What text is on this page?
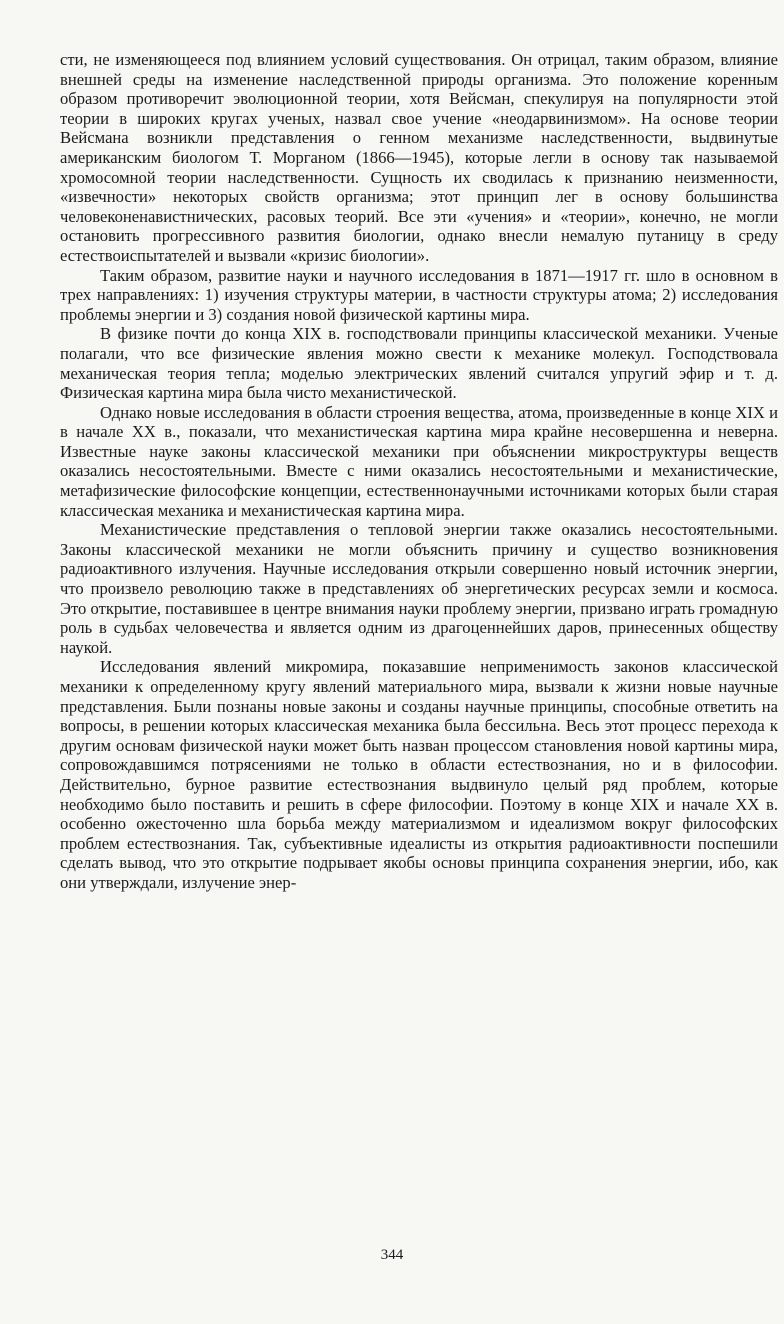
сти, не изменяющееся под влиянием условий существования. Он отрицал, таким образом, влияние внешней среды на изменение наследственной природы организма. Это положение коренным образом противоречит эволюционной теории, хотя Вейсман, спекулируя на популярности этой теории в широких кругах ученых, назвал свое учение «неодарвинизмом». На основе теории Вейсмана возникли представления о генном механизме наследственности, выдвинутые американским биологом Т. Морганом (1866—1945), которые легли в основу так называемой хромосомной теории наследственности. Сущность их сводилась к признанию неизменности, «извечности» некоторых свойств организма; этот принцип лег в основу большинства человеконенавистнических, расовых теорий. Все эти «учения» и «теории», конечно, не могли остановить прогрессивного развития биологии, однако внесли немалую путаницу в среду естествоиспытателей и вызвали «кризис биологии».

Таким образом, развитие науки и научного исследования в 1871—1917 гг. шло в основном в трех направлениях: 1) изучения структуры материи, в частности структуры атома; 2) исследования проблемы энергии и 3) создания новой физической картины мира.

В физике почти до конца XIX в. господствовали принципы классической механики. Ученые полагали, что все физические явления можно свести к механике молекул. Господствовала механическая теория тепла; моделью электрических явлений считался упругий эфир и т. д. Физическая картина мира была чисто механистической.

Однако новые исследования в области строения вещества, атома, произведенные в конце XIX и в начале XX в., показали, что механистическая картина мира крайне несовершенна и неверна. Известные науке законы классической механики при объяснении микроструктуры веществ оказались несостоятельными. Вместе с ними оказались несостоятельными и механистические, метафизические философские концепции, естественнонаучными источниками которых были старая классическая механика и механистическая картина мира.

Механистические представления о тепловой энергии также оказались несостоятельными. Законы классической механики не могли объяснить причину и существо возникновения радиоактивного излучения. Научные исследования открыли совершенно новый источник энергии, что произвело революцию также в представлениях об энергетических ресурсах земли и космоса. Это открытие, поставившее в центре внимания науки проблему энергии, призвано играть громадную роль в судьбах человечества и является одним из драгоценнейших даров, принесенных обществу наукой.

Исследования явлений микромира, показавшие неприменимость законов классической механики к определенному кругу явлений материального мира, вызвали к жизни новые научные представления. Были познаны новые законы и созданы научные принципы, способные ответить на вопросы, в решении которых классическая механика была бессильна. Весь этот процесс перехода к другим основам физической науки может быть назван процессом становления новой картины мира, сопровождавшимся потрясениями не только в области естествознания, но и в философии. Действительно, бурное развитие естествознания выдвинуло целый ряд проблем, которые необходимо было поставить и решить в сфере философии. Поэтому в конце XIX и начале XX в. особенно ожесточенно шла борьба между материализмом и идеализмом вокруг философских проблем естествознания. Так, субъективные идеалисты из открытия радиоактивности поспешили сделать вывод, что это открытие подрывает якобы основы принципа сохранения энергии, ибо, как они утверждали, излучение энер-

344
